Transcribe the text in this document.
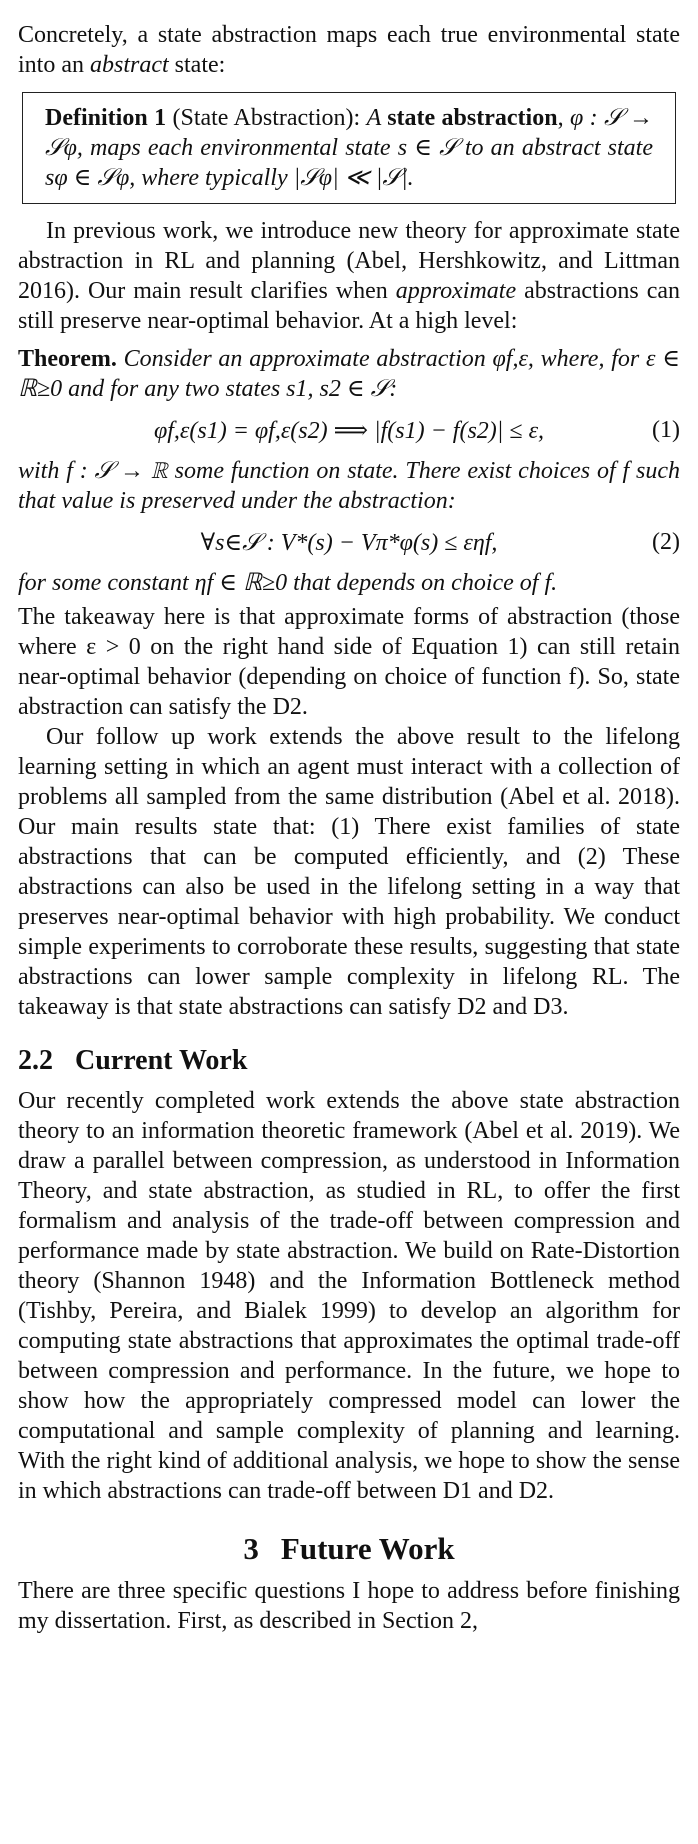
Concretely, a state abstraction maps each true environmental state into an abstract state:

Definition 1 (State Abstraction): A state abstraction, φ : 𝒮 → 𝒮φ, maps each environmental state s ∈ 𝒮 to an abstract state sφ ∈ 𝒮φ, where typically |𝒮φ| ≪ |𝒮|.

In previous work, we introduce new theory for approximate state abstraction in RL and planning (Abel, Hershkowitz, and Littman 2016). Our main result clarifies when approximate abstractions can still preserve near-optimal behavior. At a high level:

Theorem. Consider an approximate abstraction φf,ε, where, for ε ∈ ℝ≥0 and for any two states s1, s2 ∈ 𝒮:

φf,ε(s1) = φf,ε(s2) ⟹ |f(s1) − f(s2)| ≤ ε,	(1)

with f : 𝒮 → ℝ some function on state. There exist choices of f such that value is preserved under the abstraction:

∀s∈𝒮 : V*(s) − Vπ*φ(s) ≤ εηf,	(2)

for some constant ηf ∈ ℝ≥0 that depends on choice of f.

The takeaway here is that approximate forms of abstraction (those where ε > 0 on the right hand side of Equation 1) can still retain near-optimal behavior (depending on choice of function f). So, state abstraction can satisfy the D2.

Our follow up work extends the above result to the lifelong learning setting in which an agent must interact with a collection of problems all sampled from the same distribution (Abel et al. 2018). Our main results state that: (1) There exist families of state abstractions that can be computed efficiently, and (2) These abstractions can also be used in the lifelong setting in a way that preserves near-optimal behavior with high probability. We conduct simple experiments to corroborate these results, suggesting that state abstractions can lower sample complexity in lifelong RL. The takeaway is that state abstractions can satisfy D2 and D3.

2.2 Current Work

Our recently completed work extends the above state abstraction theory to an information theoretic framework (Abel et al. 2019). We draw a parallel between compression, as understood in Information Theory, and state abstraction, as studied in RL, to offer the first formalism and analysis of the trade-off between compression and performance made by state abstraction. We build on Rate-Distortion theory (Shannon 1948) and the Information Bottleneck method (Tishby, Pereira, and Bialek 1999) to develop an algorithm for computing state abstractions that approximates the optimal trade-off between compression and performance. In the future, we hope to show how the appropriately compressed model can lower the computational and sample complexity of planning and learning. With the right kind of additional analysis, we hope to show the sense in which abstractions can trade-off between D1 and D2.

3 Future Work

There are three specific questions I hope to address before finishing my dissertation. First, as described in Section 2,
